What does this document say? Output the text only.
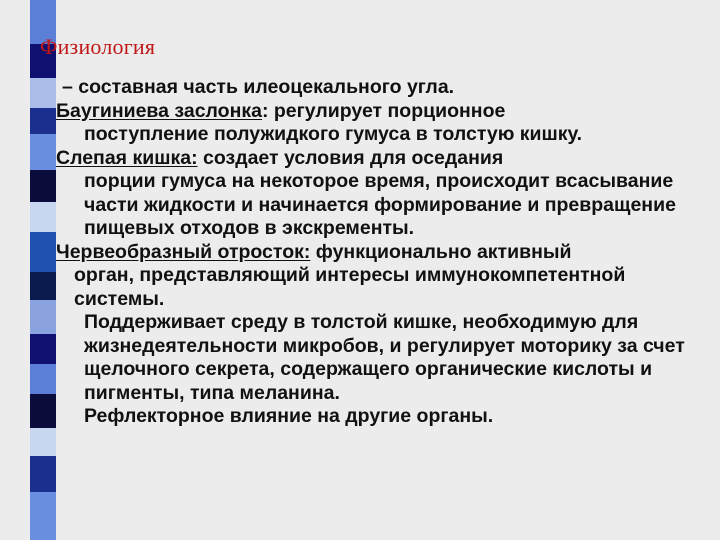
Физиология
– составная часть илеоцекального угла.
Баугиниева заслонка: регулирует порционное
поступление полужидкого гумуса в толстую кишку.
Слепая кишка: создает условия для оседания
порции гумуса на некоторое время, происходит всасывание части жидкости и начинается формирование и превращение пищевых отходов в экскременты.
Червеобразный отросток: функционально активный
орган, представляющий интересы иммунокомпетентной системы.
Поддерживает среду в толстой кишке, необходимую для жизнедеятельности микробов, и регулирует моторику за счет щелочного секрета, содержащего органические кислоты и пигменты, типа меланина.
Рефлекторное влияние на другие органы.
